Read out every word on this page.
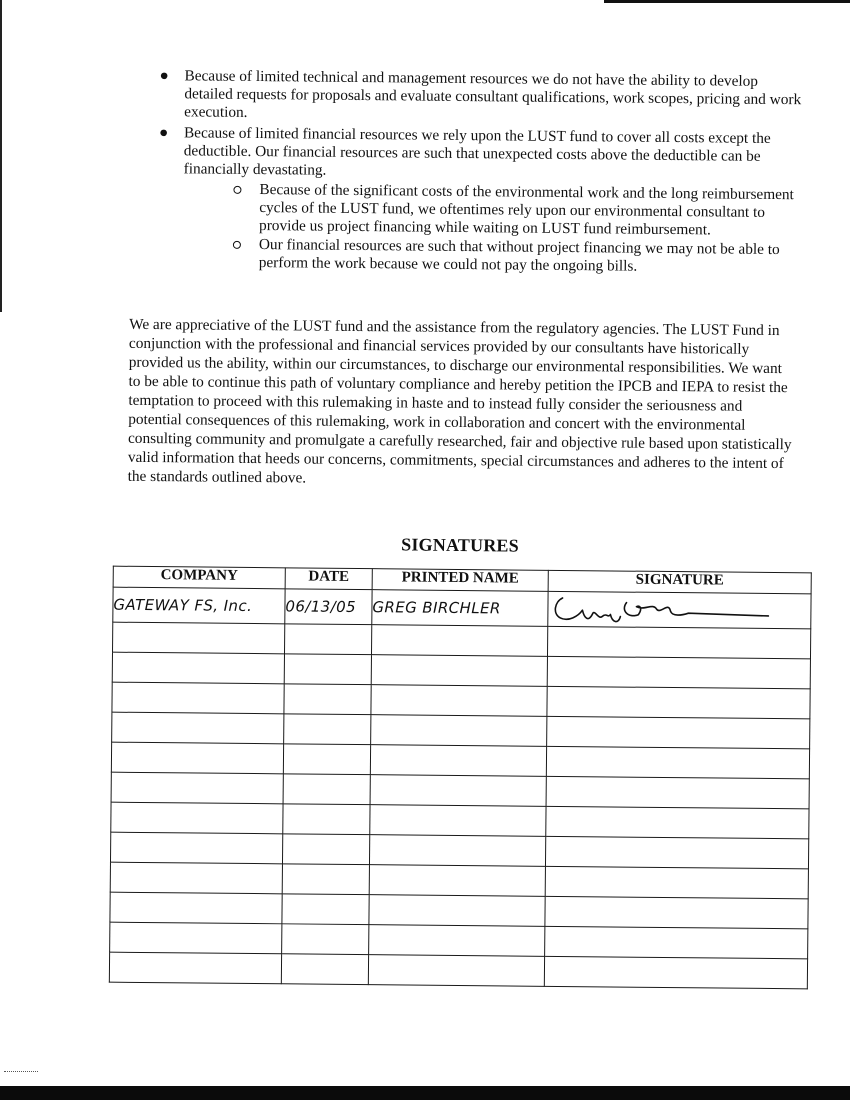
● Because of limited technical and management resources we do not have the ability to develop detailed requests for proposals and evaluate consultant qualifications, work scopes, pricing and work execution.
● Because of limited financial resources we rely upon the LUST fund to cover all costs except the deductible. Our financial resources are such that unexpected costs above the deductible can be financially devastating.
Because of the significant costs of the environmental work and the long reimbursement cycles of the LUST fund, we oftentimes rely upon our environmental consultant to provide us project financing while waiting on LUST fund reimbursement.
Our financial resources are such that without project financing we may not be able to perform the work because we could not pay the ongoing bills.
We are appreciative of the LUST fund and the assistance from the regulatory agencies. The LUST Fund in conjunction with the professional and financial services provided by our consultants have historically provided us the ability, within our circumstances, to discharge our environmental responsibilities. We want to be able to continue this path of voluntary compliance and hereby petition the IPCB and IEPA to resist the temptation to proceed with this rulemaking in haste and to instead fully consider the seriousness and potential consequences of this rulemaking, work in collaboration and concert with the environmental consulting community and promulgate a carefully researched, fair and objective rule based upon statistically valid information that heeds our concerns, commitments, special circumstances and adheres to the intent of the standards outlined above.
SIGNATURES
COMPANY	DATE	PRINTED NAME	SIGNATURE
GATEWAY FS, Inc.	06/13/05	GREG BIRCHLER	
